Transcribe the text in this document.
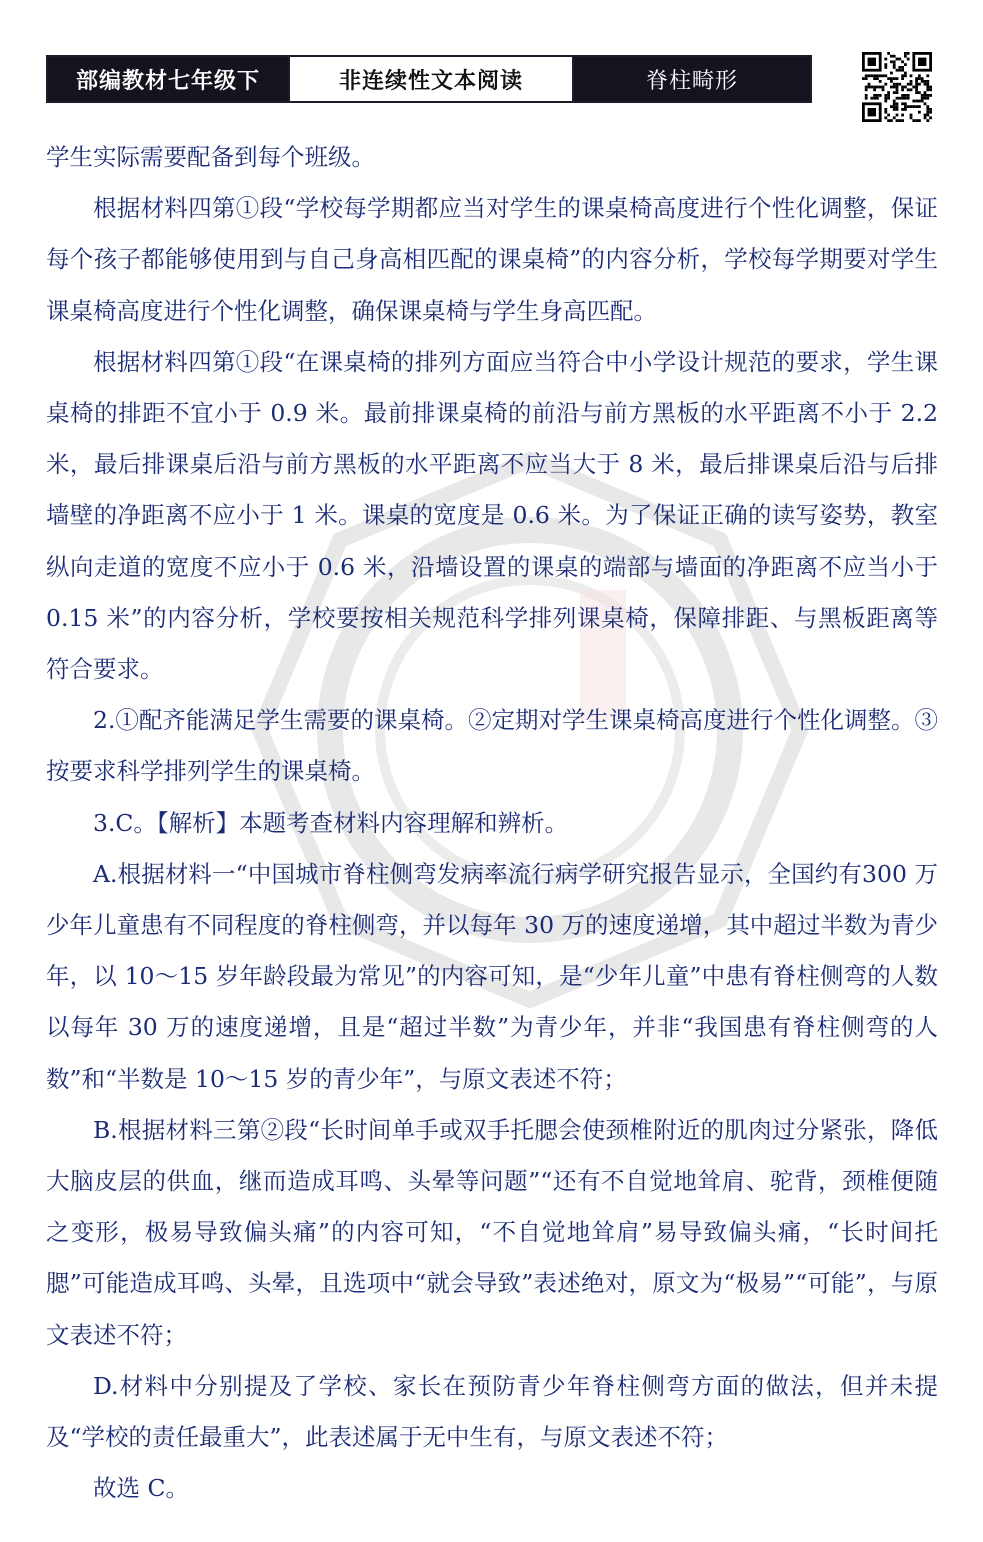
部编教材七年级下	非连续性文本阅读	脊柱畸形

学生实际需要配备到每个班级。

根据材料四第①段“学校每学期都应当对学生的课桌椅高度进行个性化调整，保证每个孩子都能够使用到与自己身高相匹配的课桌椅”的内容分析，学校每学期要对学生课桌椅高度进行个性化调整，确保课桌椅与学生身高匹配。

根据材料四第①段“在课桌椅的排列方面应当符合中小学设计规范的要求，学生课桌椅的排距不宜小于 0.9 米。最前排课桌椅的前沿与前方黑板的水平距离不小于 2.2 米，最后排课桌后沿与前方黑板的水平距离不应当大于 8 米，最后排课桌后沿与后排墙壁的净距离不应小于 1 米。课桌的宽度是 0.6 米。为了保证正确的读写姿势，教室纵向走道的宽度不应小于 0.6 米，沿墙设置的课桌的端部与墙面的净距离不应当小于 0.15 米”的内容分析，学校要按相关规范科学排列课桌椅，保障排距、与黑板距离等符合要求。

2.①配齐能满足学生需要的课桌椅。②定期对学生课桌椅高度进行个性化调整。③按要求科学排列学生的课桌椅。

3.C。【解析】本题考查材料内容理解和辨析。

A.根据材料一“中国城市脊柱侧弯发病率流行病学研究报告显示，全国约有300 万少年儿童患有不同程度的脊柱侧弯，并以每年 30 万的速度递增，其中超过半数为青少年，以 10～15 岁年龄段最为常见”的内容可知，是“少年儿童”中患有脊柱侧弯的人数以每年 30 万的速度递增，且是“超过半数”为青少年，并非“我国患有脊柱侧弯的人数”和“半数是 10～15 岁的青少年”，与原文表述不符；

B.根据材料三第②段“长时间单手或双手托腮会使颈椎附近的肌肉过分紧张，降低大脑皮层的供血，继而造成耳鸣、头晕等问题”“还有不自觉地耸肩、驼背，颈椎便随之变形，极易导致偏头痛”的内容可知，“不自觉地耸肩”易导致偏头痛，“长时间托腮”可能造成耳鸣、头晕，且选项中“就会导致”表述绝对，原文为“极易”“可能”，与原文表述不符；

D.材料中分别提及了学校、家长在预防青少年脊柱侧弯方面的做法，但并未提及“学校的责任最重大”，此表述属于无中生有，与原文表述不符；

故选 C。
